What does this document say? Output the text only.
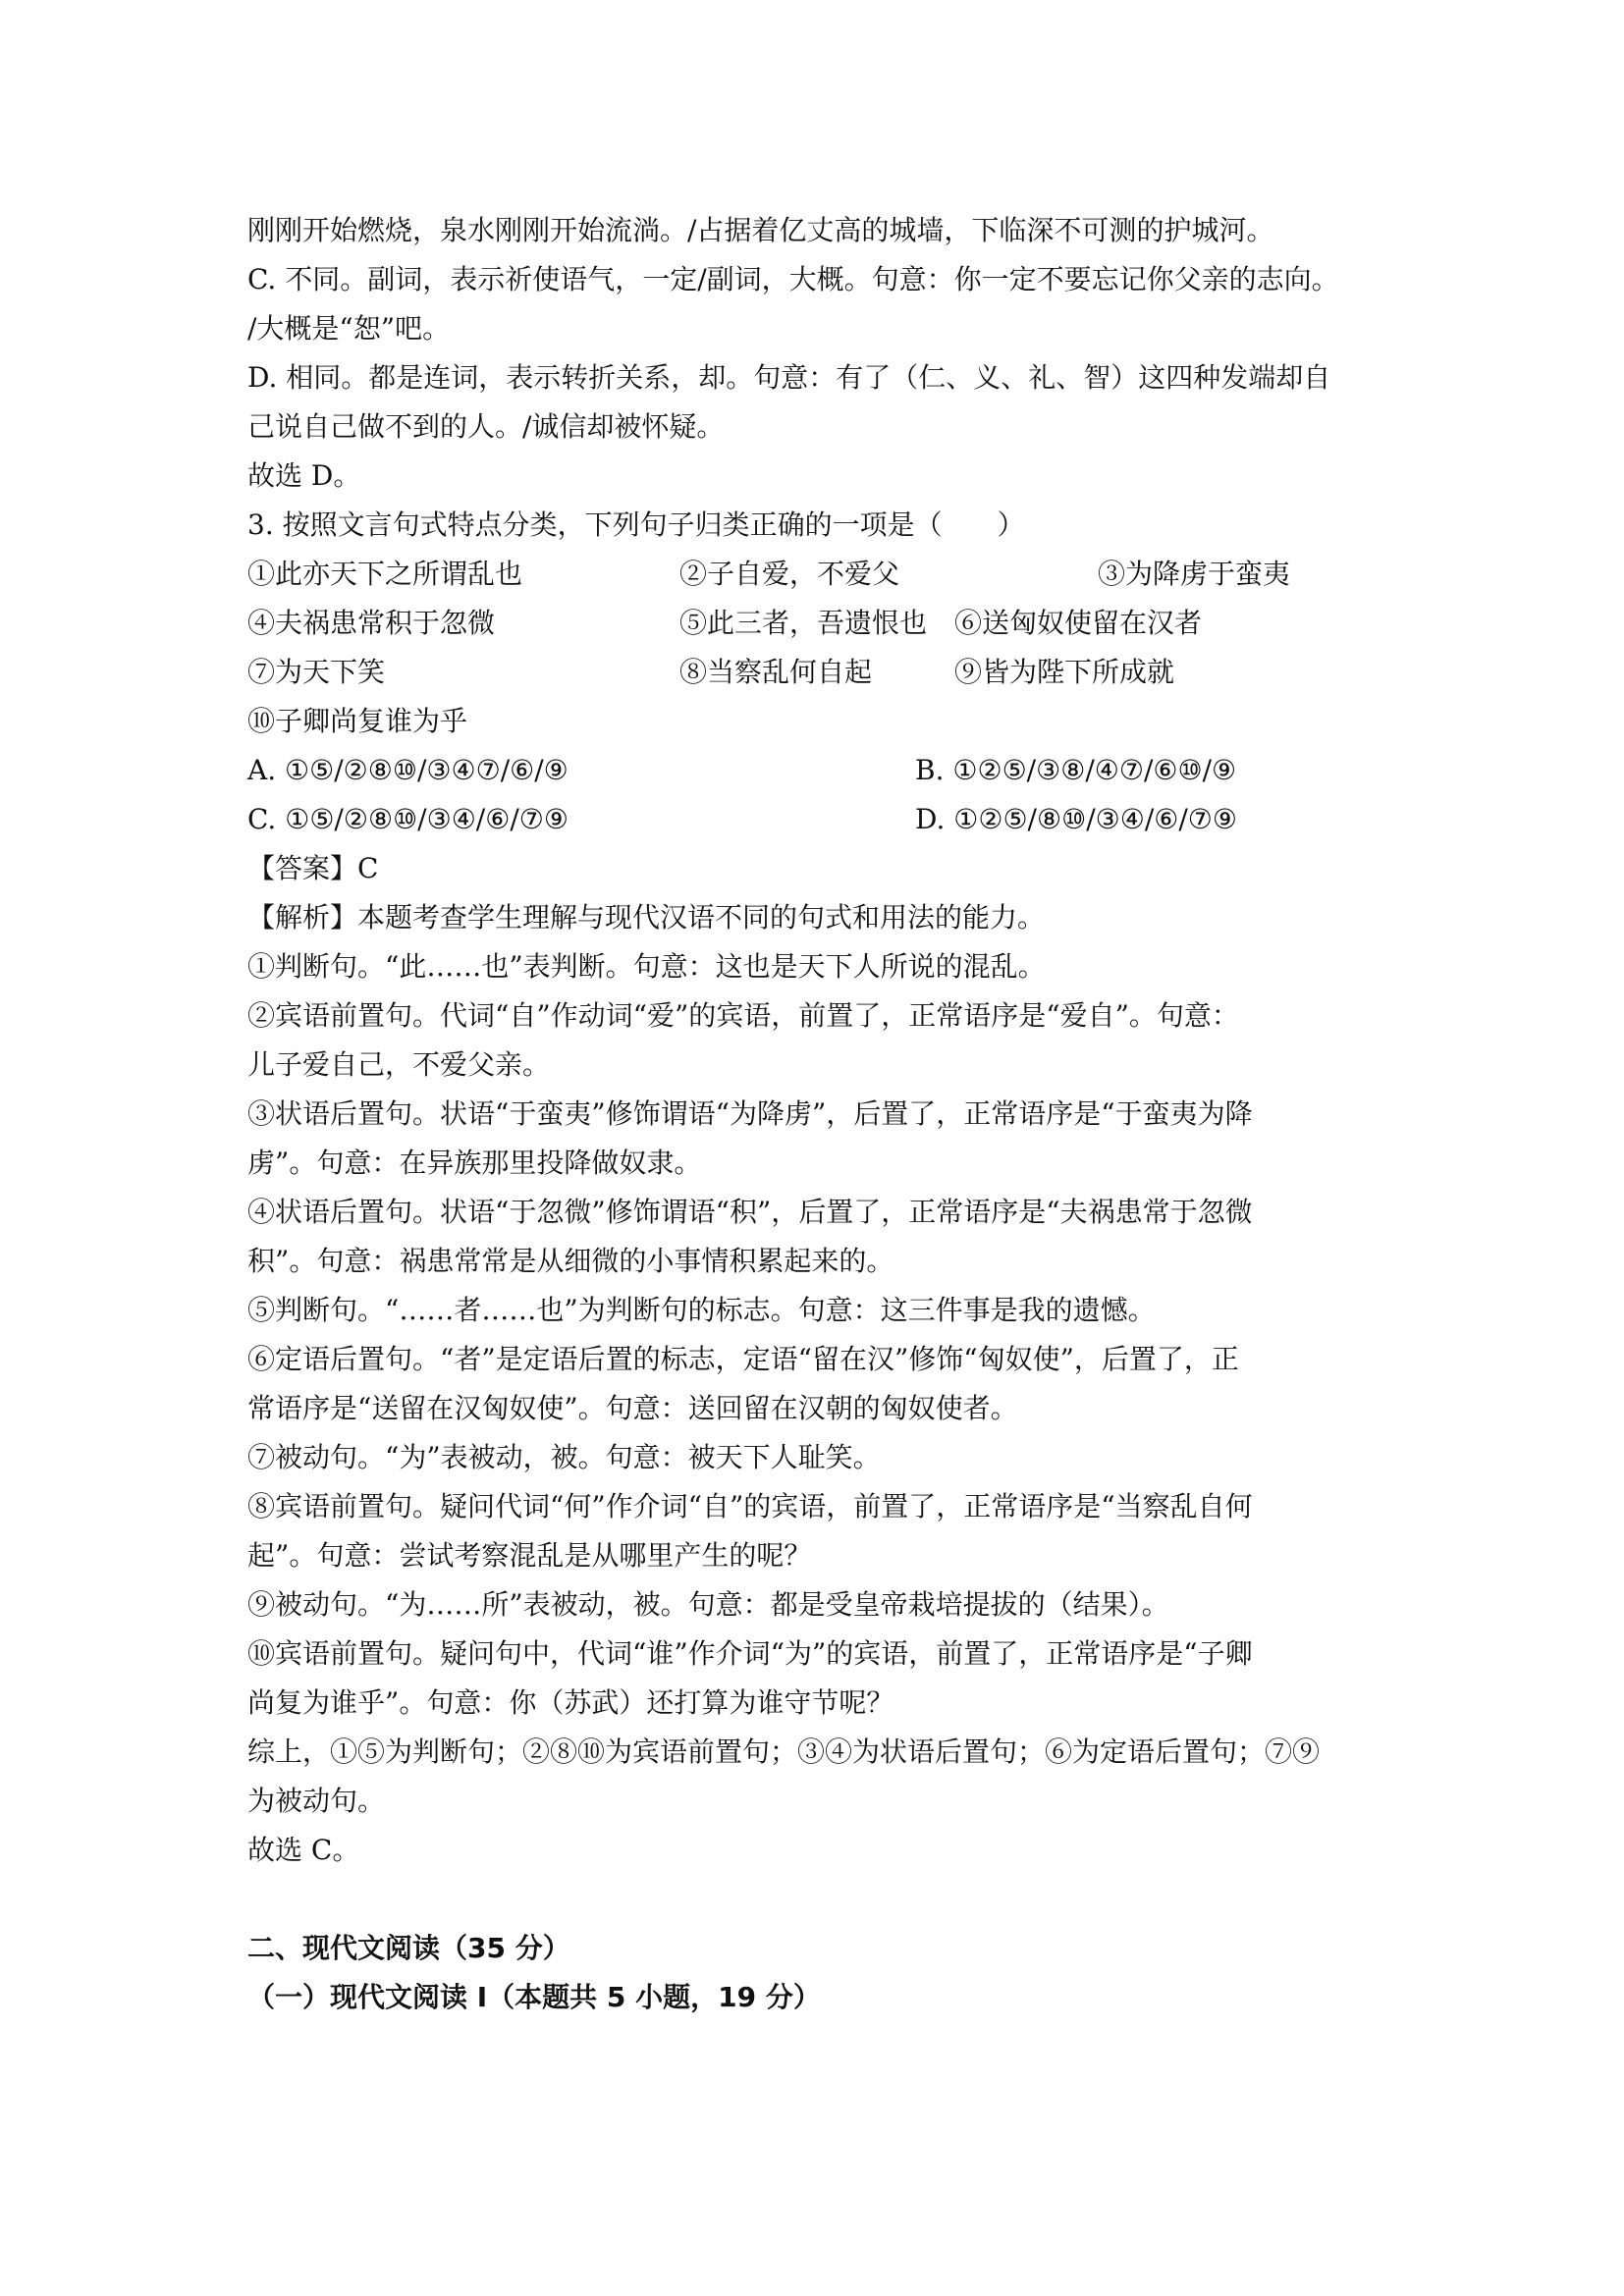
刚刚开始燃烧，泉水刚刚开始流淌。/占据着亿丈高的城墙，下临深不可测的护城河。
C. 不同。副词，表示祈使语气，一定/副词，大概。句意：你一定不要忘记你父亲的志向。
/大概是“恕”吧。
D. 相同。都是连词，表示转折关系，却。句意：有了（仁、义、礼、智）这四种发端却自
己说自己做不到的人。/诚信却被怀疑。
故选 D。
3. 按照文言句式特点分类，下列句子归类正确的一项是（　　）
①此亦天下之所谓乱也	②子自爱，不爱父	③为降虏于蛮夷
④夫祸患常积于忽微	⑤此三者，吾遗恨也 ⑥送匈奴使留在汉者
⑦为天下笑	⑧当察乱何自起	⑨皆为陛下所成就
⑩子卿尚复谁为乎
A. ①⑤/②⑧⑩/③④⑦/⑥/⑨	B. ①②⑤/③⑧/④⑦/⑥⑩/⑨
C. ①⑤/②⑧⑩/③④/⑥/⑦⑨	D. ①②⑤/⑧⑩/③④/⑥/⑦⑨
【答案】C
【解析】本题考查学生理解与现代汉语不同的句式和用法的能力。
①判断句。“此……也”表判断。句意：这也是天下人所说的混乱。
②宾语前置句。代词“自”作动词“爱”的宾语，前置了，正常语序是“爱自”。句意：
儿子爱自己，不爱父亲。
③状语后置句。状语“于蛮夷”修饰谓语“为降虏”，后置了，正常语序是“于蛮夷为降
虏”。句意：在异族那里投降做奴隶。
④状语后置句。状语“于忽微”修饰谓语“积”，后置了，正常语序是“夫祸患常于忽微
积”。句意：祸患常常是从细微的小事情积累起来的。
⑤判断句。“……者……也”为判断句的标志。句意：这三件事是我的遗憾。
⑥定语后置句。“者”是定语后置的标志，定语“留在汉”修饰“匈奴使”，后置了，正
常语序是“送留在汉匈奴使”。句意：送回留在汉朝的匈奴使者。
⑦被动句。“为”表被动，被。句意：被天下人耻笑。
⑧宾语前置句。疑问代词“何”作介词“自”的宾语，前置了，正常语序是“当察乱自何
起”。句意：尝试考察混乱是从哪里产生的呢？
⑨被动句。“为……所”表被动，被。句意：都是受皇帝栽培提拔的（结果）。
⑩宾语前置句。疑问句中，代词“谁”作介词“为”的宾语，前置了，正常语序是“子卿
尚复为谁乎”。句意：你（苏武）还打算为谁守节呢？
综上，①⑤为判断句；②⑧⑩为宾语前置句；③④为状语后置句；⑥为定语后置句；⑦⑨
为被动句。
故选 C。
二、现代文阅读（35 分）
（一）现代文阅读 I（本题共 5 小题，19 分）
